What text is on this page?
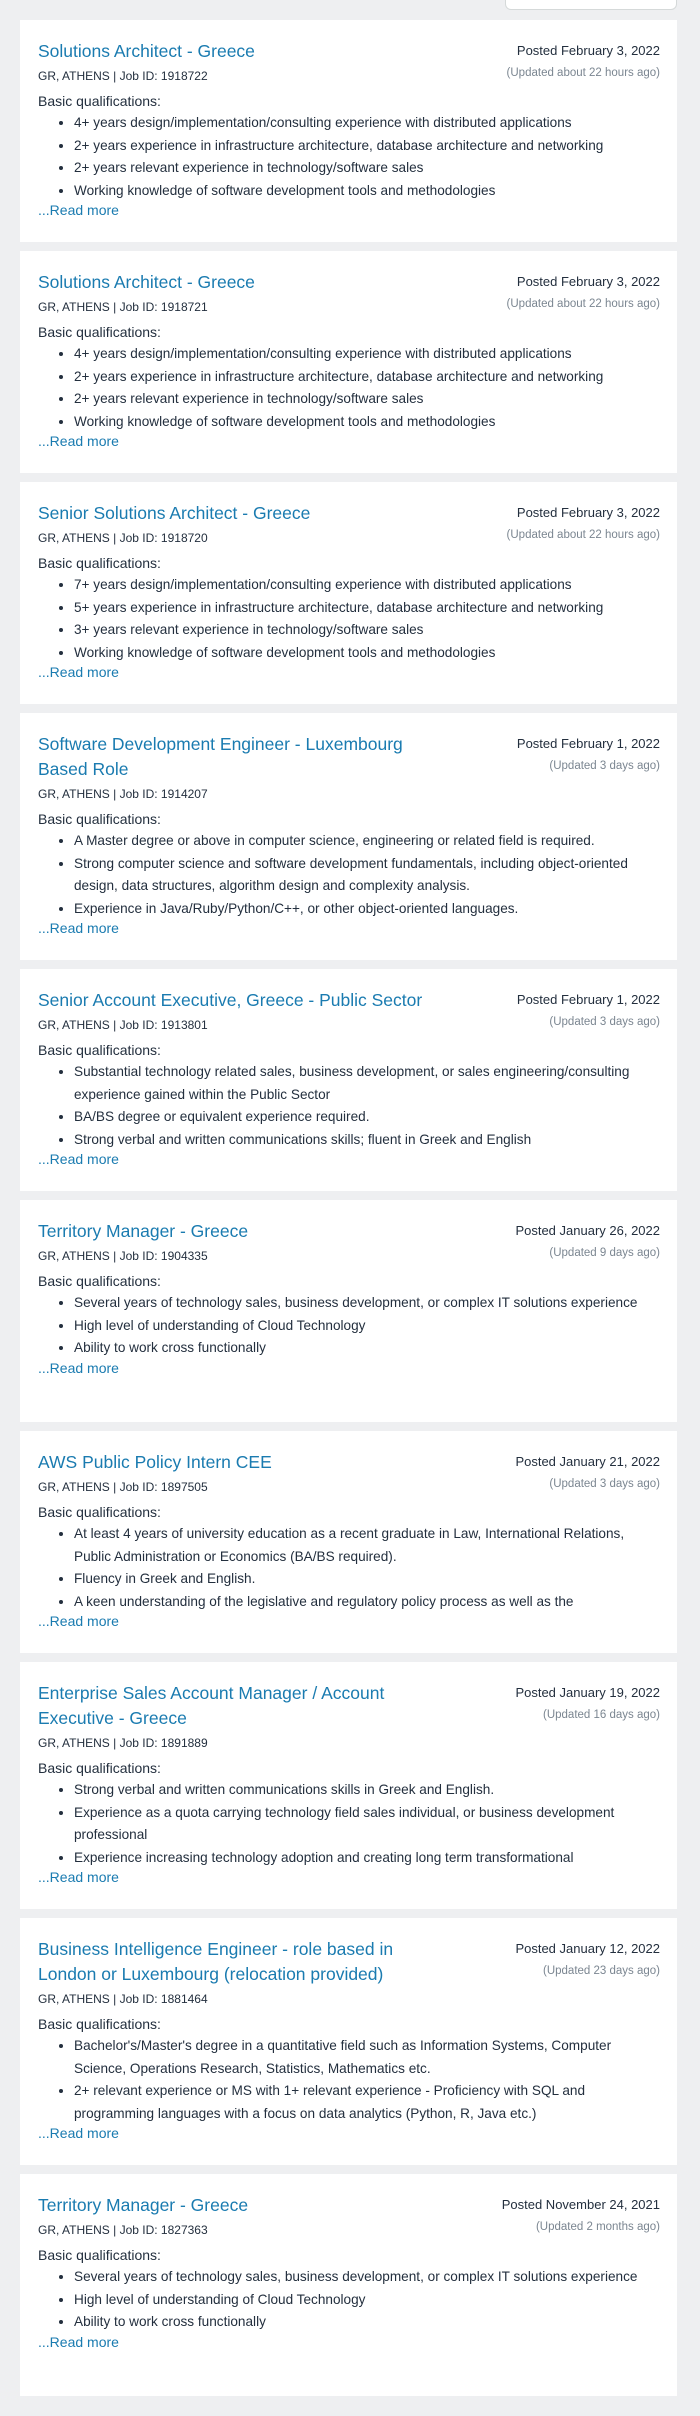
Solutions Architect - Greece	Posted February 3, 2022
(Updated about 22 hours ago)

GR, ATHENS | Job ID: 1918722

Basic qualifications:

• 4+ years design/implementation/consulting experience with distributed applications
• 2+ years experience in infrastructure architecture, database architecture and networking
• 2+ years relevant experience in technology/software sales
• Working knowledge of software development tools and methodologies
...Read more
Solutions Architect - Greece	Posted February 3, 2022
(Updated about 22 hours ago)

GR, ATHENS | Job ID: 1918721

Basic qualifications:

• 4+ years design/implementation/consulting experience with distributed applications
• 2+ years experience in infrastructure architecture, database architecture and networking
• 2+ years relevant experience in technology/software sales
• Working knowledge of software development tools and methodologies
...Read more
Senior Solutions Architect - Greece	Posted February 3, 2022
(Updated about 22 hours ago)

GR, ATHENS | Job ID: 1918720

Basic qualifications:

• 7+ years design/implementation/consulting experience with distributed applications
• 5+ years experience in infrastructure architecture, database architecture and networking
• 3+ years relevant experience in technology/software sales
• Working knowledge of software development tools and methodologies
...Read more
Software Development Engineer - Luxembourg Based Role
Posted February 1, 2022
(Updated 3 days ago)

GR, ATHENS | Job ID: 1914207

Basic qualifications:

• A Master degree or above in computer science, engineering or related field is required.
• Strong computer science and software development fundamentals, including object-oriented design, data structures, algorithm design and complexity analysis.
• Experience in Java/Ruby/Python/C++, or other object-oriented languages.
...Read more
Senior Account Executive, Greece - Public Sector	Posted February 1, 2022
(Updated 3 days ago)

GR, ATHENS | Job ID: 1913801

Basic qualifications:

• Substantial technology related sales, business development, or sales engineering/consulting experience gained within the Public Sector
• BA/BS degree or equivalent experience required.
• Strong verbal and written communications skills; fluent in Greek and English
...Read more
Territory Manager - Greece	Posted January 26, 2022
(Updated 9 days ago)

GR, ATHENS | Job ID: 1904335

Basic qualifications:

• Several years of technology sales, business development, or complex IT solutions experience
• High level of understanding of Cloud Technology
• Ability to work cross functionally
...Read more
AWS Public Policy Intern CEE	Posted January 21, 2022
(Updated 3 days ago)

GR, ATHENS | Job ID: 1897505

Basic qualifications:

• At least 4 years of university education as a recent graduate in Law, International Relations, Public Administration or Economics (BA/BS required).
• Fluency in Greek and English.
• A keen understanding of the legislative and regulatory policy process as well as the
...Read more
Enterprise Sales Account Manager / Account Executive - Greece
Posted January 19, 2022
(Updated 16 days ago)

GR, ATHENS | Job ID: 1891889

Basic qualifications:

• Strong verbal and written communications skills in Greek and English.
• Experience as a quota carrying technology field sales individual, or business development professional
• Experience increasing technology adoption and creating long term transformational
...Read more
Business Intelligence Engineer - role based in London or Luxembourg (relocation provided)
Posted January 12, 2022
(Updated 23 days ago)

GR, ATHENS | Job ID: 1881464

Basic qualifications:

• Bachelor's/Master's degree in a quantitative field such as Information Systems, Computer Science, Operations Research, Statistics, Mathematics etc.
• 2+ relevant experience or MS with 1+ relevant experience - Proficiency with SQL and programming languages with a focus on data analytics (Python, R, Java etc.)
...Read more
Territory Manager - Greece	Posted November 24, 2021
(Updated 2 months ago)

GR, ATHENS | Job ID: 1827363

Basic qualifications:

• Several years of technology sales, business development, or complex IT solutions experience
• High level of understanding of Cloud Technology
• Ability to work cross functionally
...Read more
